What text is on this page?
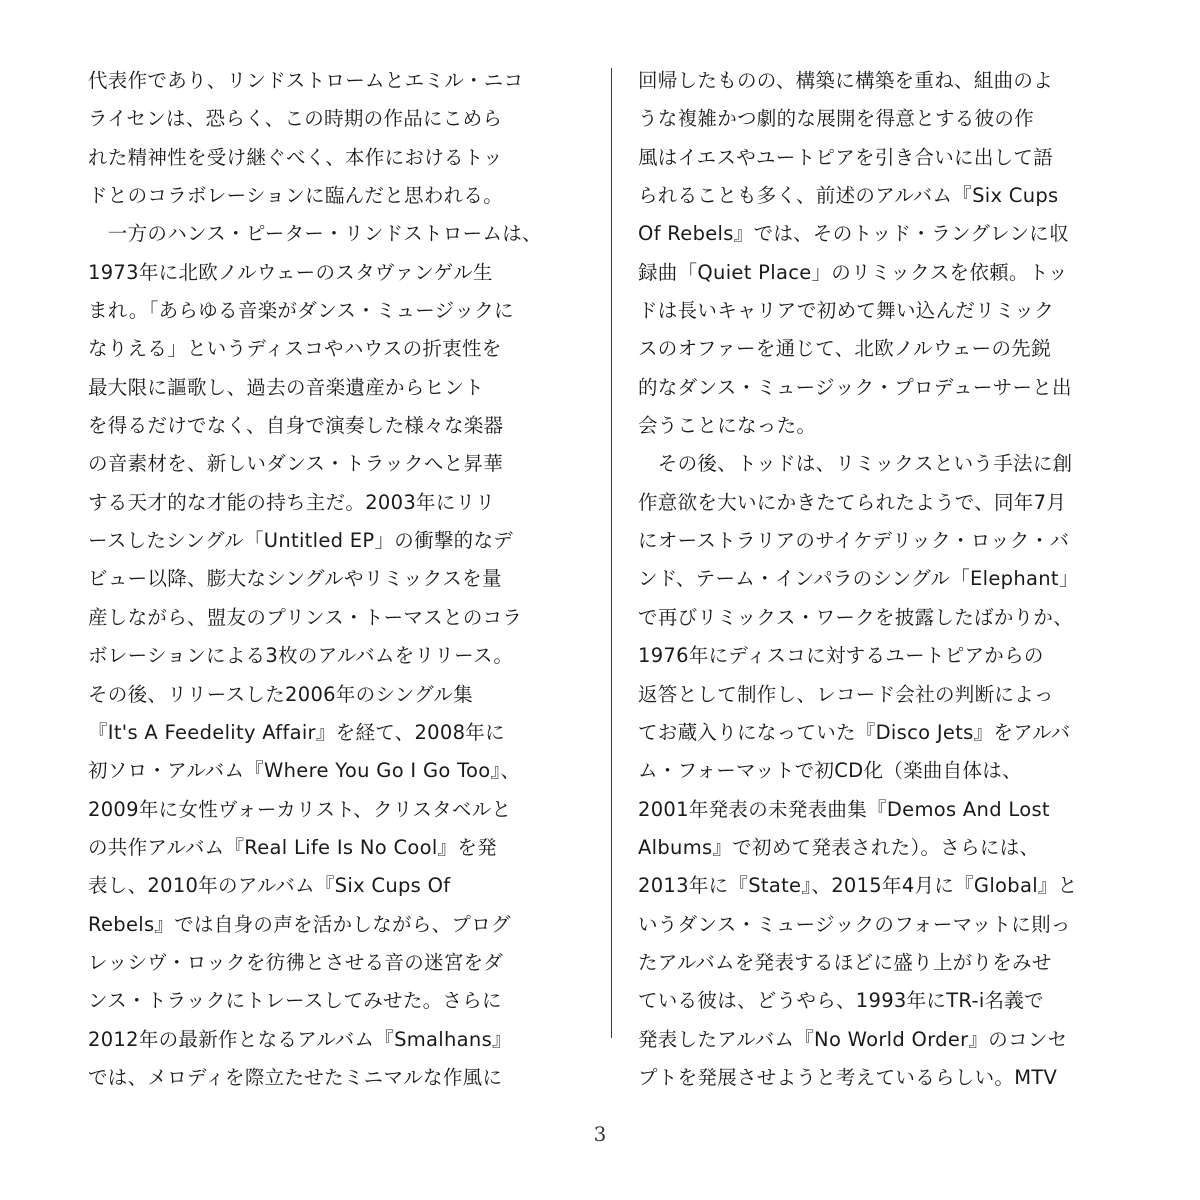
代表作であり、リンドストロームとエミル・ニコ
ライセンは、恐らく、この時期の作品にこめら
れた精神性を受け継ぐべく、本作におけるトッ
ドとのコラボレーションに臨んだと思われる。
　一方のハンス・ピーター・リンドストロームは、
1973年に北欧ノルウェーのスタヴァンゲル生
まれ。「あらゆる音楽がダンス・ミュージックに
なりえる」というディスコやハウスの折衷性を
最大限に謳歌し、過去の音楽遺産からヒント
を得るだけでなく、自身で演奏した様々な楽器
の音素材を、新しいダンス・トラックへと昇華
する天才的な才能の持ち主だ。2003年にリリ
ースしたシングル「Untitled EP」の衝撃的なデ
ビュー以降、膨大なシングルやリミックスを量
産しながら、盟友のプリンス・トーマスとのコラ
ボレーションによる3枚のアルバムをリリース。
その後、リリースした2006年のシングル集
『It's A Feedelity Affair』を経て、2008年に
初ソロ・アルバム『Where You Go I Go Too』、
2009年に女性ヴォーカリスト、クリスタベルと
の共作アルバム『Real Life Is No Cool』を発
表し、2010年のアルバム『Six Cups Of
Rebels』では自身の声を活かしながら、プログ
レッシヴ・ロックを彷彿とさせる音の迷宮をダ
ンス・トラックにトレースしてみせた。さらに
2012年の最新作となるアルバム『Smalhans』
では、メロディを際立たせたミニマルな作風に
回帰したものの、構築に構築を重ね、組曲のよ
うな複雑かつ劇的な展開を得意とする彼の作
風はイエスやユートピアを引き合いに出して語
られることも多く、前述のアルバム『Six Cups
Of Rebels』では、そのトッド・ラングレンに収
録曲「Quiet Place」のリミックスを依頼。トッ
ドは長いキャリアで初めて舞い込んだリミック
スのオファーを通じて、北欧ノルウェーの先鋭
的なダンス・ミュージック・プロデューサーと出
会うことになった。
　その後、トッドは、リミックスという手法に創
作意欲を大いにかきたてられたようで、同年7月
にオーストラリアのサイケデリック・ロック・バ
ンド、テーム・インパラのシングル「Elephant」
で再びリミックス・ワークを披露したばかりか、
1976年にディスコに対するユートピアからの
返答として制作し、レコード会社の判断によっ
てお蔵入りになっていた『Disco Jets』をアルバ
ム・フォーマットで初CD化（楽曲自体は、
2001年発表の未発表曲集『Demos And Lost
Albums』で初めて発表された）。さらには、
2013年に『State』、2015年4月に『Global』と
いうダンス・ミュージックのフォーマットに則っ
たアルバムを発表するほどに盛り上がりをみせ
ている彼は、どうやら、1993年にTR-i名義で
発表したアルバム『No World Order』のコンセ
プトを発展させようと考えているらしい。MTV
3
